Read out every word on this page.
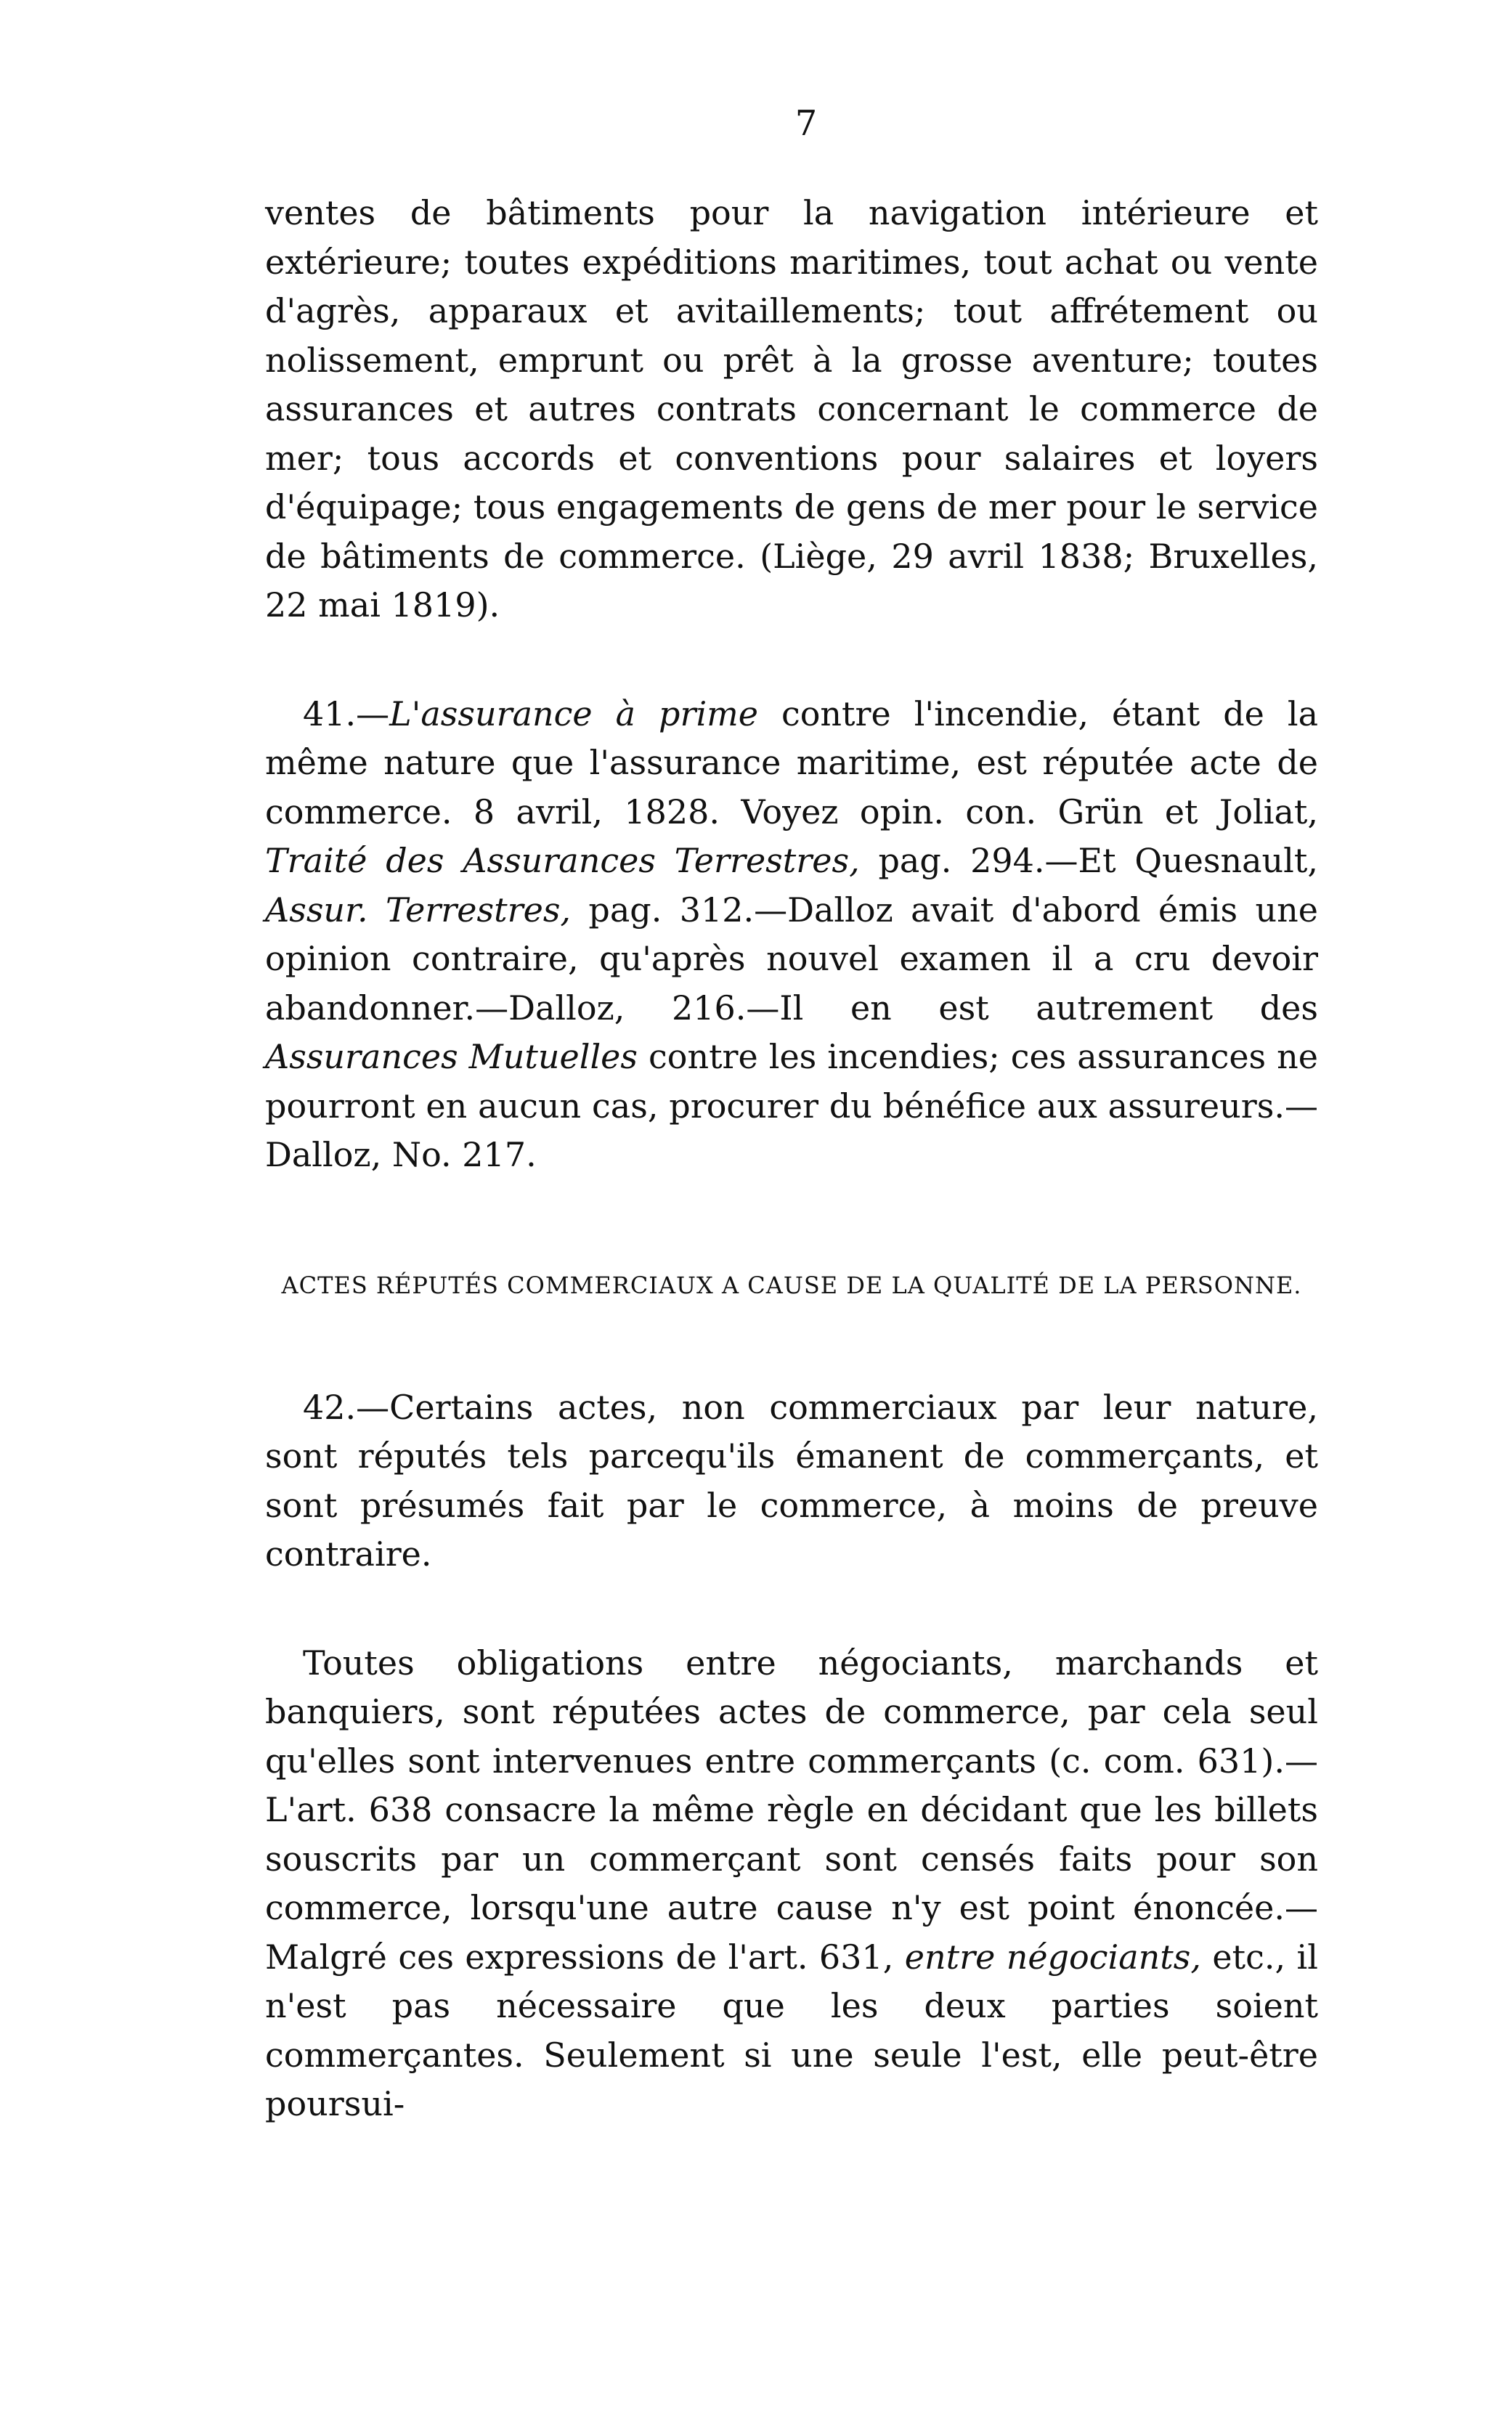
7

ventes de bâtiments pour la navigation intérieure et extérieure; toutes expéditions maritimes, tout achat ou vente d'agrès, apparaux et avitaillements; tout affrétement ou nolissement, emprunt ou prêt à la grosse aventure; toutes assurances et autres contrats concernant le commerce de mer; tous accords et conventions pour salaires et loyers d'équipage; tous engagements de gens de mer pour le service de bâtiments de commerce. (Liège, 29 avril 1838; Bruxelles, 22 mai 1819).

41.—L'assurance à prime contre l'incendie, étant de la même nature que l'assurance maritime, est réputée acte de commerce. 8 avril, 1828. Voyez opin. con. Grün et Joliat, Traité des Assurances Terrestres, pag. 294.—Et Quesnault, Assur. Terrestres, pag. 312.—Dalloz avait d'abord émis une opinion contraire, qu'après nouvel examen il a cru devoir abandonner.—Dalloz, 216.—Il en est autrement des Assurances Mutuelles contre les incendies; ces assurances ne pourront en aucun cas, procurer du bénéfice aux assureurs.—Dalloz, No. 217.

ACTES RÉPUTÉS COMMERCIAUX A CAUSE DE LA QUALITÉ DE LA PERSONNE.

42.—Certains actes, non commerciaux par leur nature, sont réputés tels parcequ'ils émanent de commerçants, et sont présumés fait par le commerce, à moins de preuve contraire.

Toutes obligations entre négociants, marchands et banquiers, sont réputées actes de commerce, par cela seul qu'elles sont intervenues entre commerçants (c. com. 631).—L'art. 638 consacre la même règle en décidant que les billets souscrits par un commerçant sont censés faits pour son commerce, lorsqu'une autre cause n'y est point énoncée.—Malgré ces expressions de l'art. 631, entre négociants, etc., il n'est pas nécessaire que les deux parties soient commerçantes. Seulement si une seule l'est, elle peut-être poursui-
